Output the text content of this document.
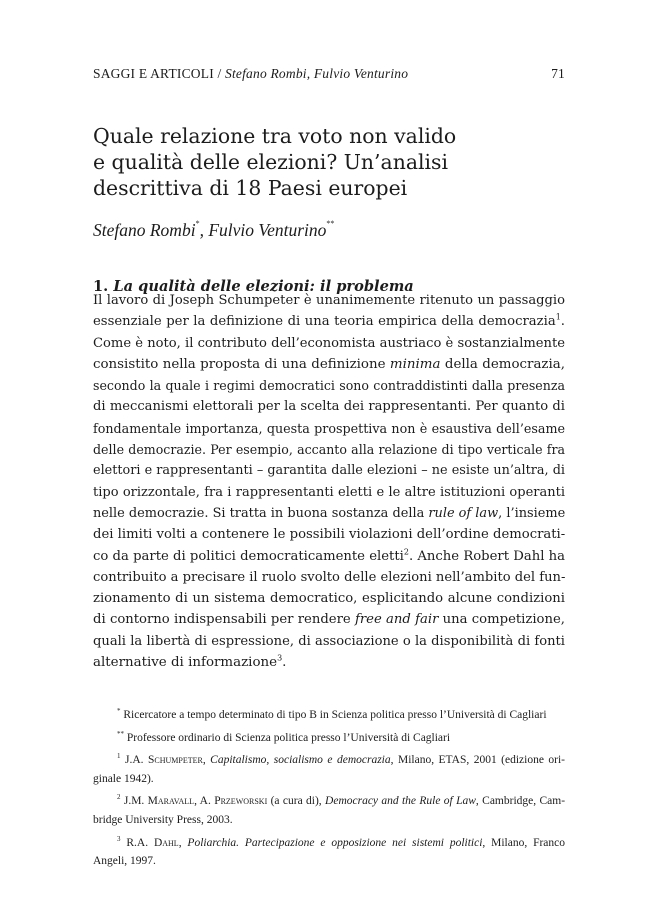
SAGGI E ARTICOLI / Stefano Rombi, Fulvio Venturino	71
Quale relazione tra voto non valido
e qualità delle elezioni? Un’analisi
descrittiva di 18 Paesi europei
Stefano Rombi*, Fulvio Venturino**
1. La qualità delle elezioni: il problema
Il lavoro di Joseph Schumpeter è unanimemente ritenuto un passaggio
essenziale per la definizione di una teoria empirica della democrazia$^1$.
Come è noto, il contributo dell’economista austriaco è sostanzialmente
consistito nella proposta di una definizione minima della democrazia,
secondo la quale i regimi democratici sono contraddistinti dalla presenza
di meccanismi elettorali per la scelta dei rappresentanti. Per quanto di
fondamentale importanza, questa prospettiva non è esaustiva dell’esame
delle democrazie. Per esempio, accanto alla relazione di tipo verticale fra
elettori e rappresentanti – garantita dalle elezioni – ne esiste un’altra, di
tipo orizzontale, fra i rappresentanti eletti e le altre istituzioni operanti
nelle democrazie. Si tratta in buona sostanza della rule of law, l’insieme
dei limiti volti a contenere le possibili violazioni dell’ordine democrati-
co da parte di politici democraticamente eletti$^2$. Anche Robert Dahl ha
contribuito a precisare il ruolo svolto delle elezioni nell’ambito del fun-
zionamento di un sistema democratico, esplicitando alcune condizioni
di contorno indispensabili per rendere free and fair una competizione,
quali la libertà di espressione, di associazione o la disponibilità di fonti
alternative di informazione$^3$.
* Ricercatore a tempo determinato di tipo B in Scienza politica presso l’Università di Cagliari
** Professore ordinario di Scienza politica presso l’Università di Cagliari
$^1$ J.A. Schumpeter, Capitalismo, socialismo e democrazia, Milano, ETAS, 2001 (edizione ori-
ginale 1942).
$^2$ J.M. Maravall, A. Przeworski (a cura di), Democracy and the Rule of Law, Cambridge, Cam-
bridge University Press, 2003.
$^3$ R.A. Dahl, Poliarchia. Partecipazione e opposizione nei sistemi politici, Milano, Franco
Angeli, 1997.
